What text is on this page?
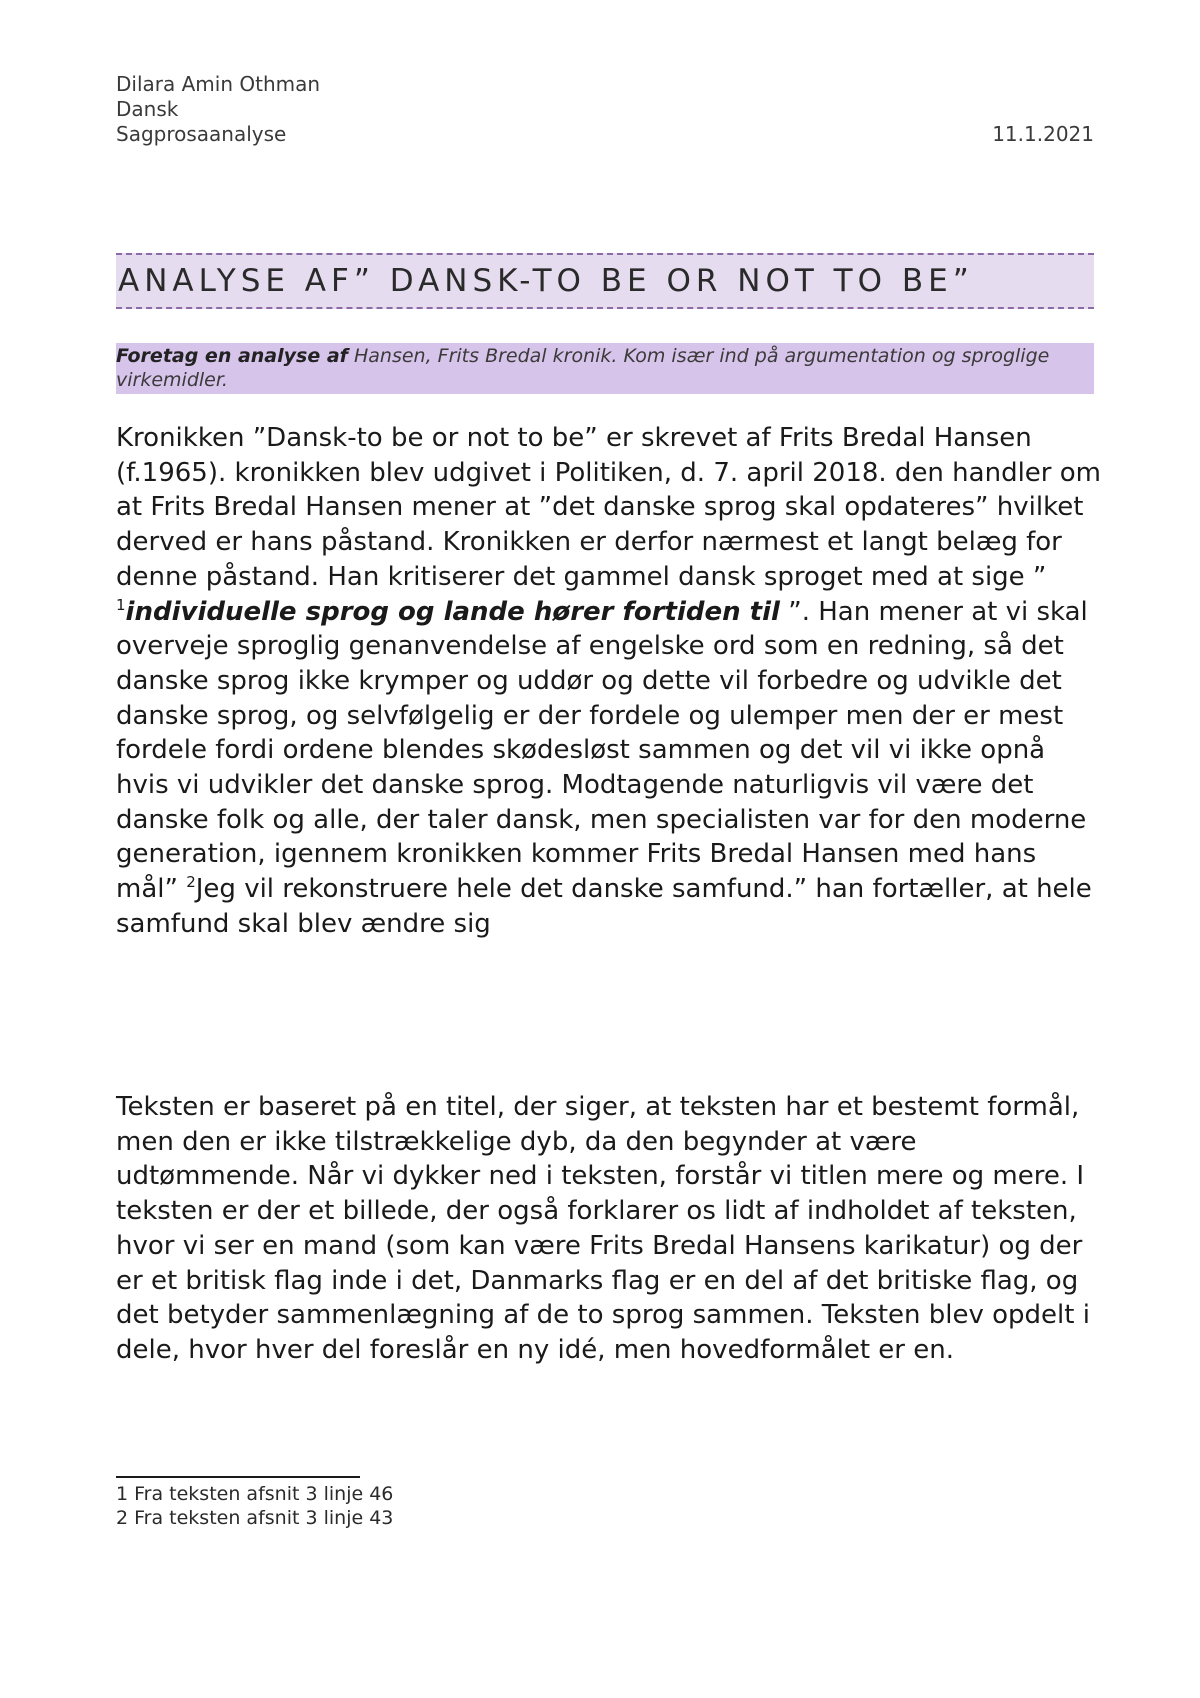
Dilara Amin Othman
Dansk
Sagprosaanalyse	11.1.2021
ANALYSE AF” DANSK-TO BE OR NOT TO BE”
Foretag en analyse af Hansen, Frits Bredal kronik. Kom især ind på argumentation og sproglige virkemidler.
Kronikken ”Dansk-to be or not to be” er skrevet af Frits Bredal Hansen (f.1965). kronikken blev udgivet i Politiken, d. 7. april 2018. den handler om at Frits Bredal Hansen mener at ”det danske sprog skal opdateres” hvilket derved er hans påstand. Kronikken er derfor nærmest et langt belæg for denne påstand. Han kritiserer det gammel dansk sproget med at sige ” $^1$individuelle sprog og lande hører fortiden til ”. Han mener at vi skal overveje sproglig genanvendelse af engelske ord som en redning, så det danske sprog ikke krymper og uddør og dette vil forbedre og udvikle det danske sprog, og selvfølgelig er der fordele og ulemper men der er mest fordele fordi ordene blendes skødesløst sammen og det vil vi ikke opnå hvis vi udvikler det danske sprog. Modtagende naturligvis vil være det danske folk og alle, der taler dansk, men specialisten var for den moderne generation, igennem kronikken kommer Frits Bredal Hansen med hans mål” $^2$Jeg vil rekonstruere hele det danske samfund.” han fortæller, at hele samfund skal blev ændre sig
Teksten er baseret på en titel, der siger, at teksten har et bestemt formål, men den er ikke tilstrækkelige dyb, da den begynder at være udtømmende. Når vi dykker ned i teksten, forstår vi titlen mere og mere. I teksten er der et billede, der også forklarer os lidt af indholdet af teksten, hvor vi ser en mand (som kan være Frits Bredal Hansens karikatur) og der er et britisk flag inde i det, Danmarks flag er en del af det britiske flag, og det betyder sammenlægning af de to sprog sammen. Teksten blev opdelt i dele, hvor hver del foreslår en ny idé, men hovedformålet er en.
1 Fra teksten afsnit 3 linje 46
2 Fra teksten afsnit 3 linje 43
